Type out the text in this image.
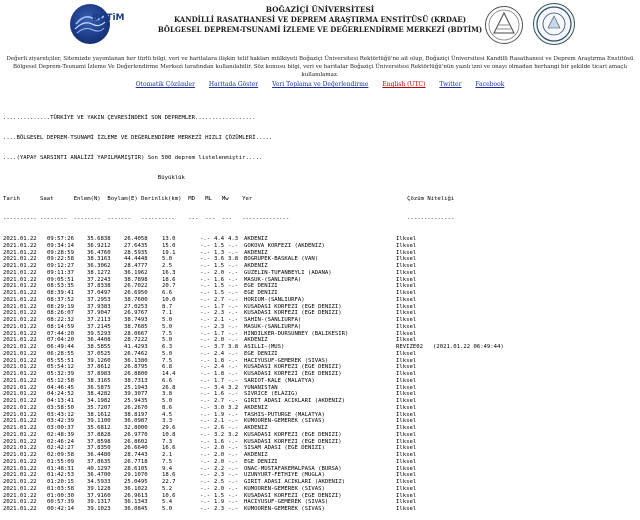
BDTiM
BOĞAZİÇİ ÜNİVERSİTESİ
KANDİLLİ RASATHANESİ VE DEPREM ARAŞTIRMA ENSTİTÜSÜ (KRDAE)
BÖLGESEL DEPREM-TSUNAMİ İZLEME VE DEĞERLENDİRME MERKEZİ (BDTİM)
Değerli ziyaretçiler, Sitemizde yayımlanan her türlü bilgi, veri ve haritalara ilişkin telif hakları mülkiyeti Boğaziçi Üniversitesi Rektörlüğü'ne ait olup, Boğaziçi Üniversitesi Kandilli Rasathanesi ve Deprem Araştırma Enstitüsü Bölgesel Deprem-Tsunami İzleme Ve Değerlendirme Merkezi tarafından kullanılabilir. Söz konusu bilgi, veri ve haritalar Boğaziçi Üniversitesi Rektörlüğü'nün yazılı izni ve onayı olmadan herhangi bir şekilde ticari amaçlı kullanılamaz.
Otomatik Çözümler Haritada Göster Veri Toplama ve Değerlendirme English (UTC) Twitter Facebook

..............TÜRKİYE VE YAKIN ÇEVRESİNDEKİ SON DEPREMLER..................

....BÖLGESEL DEPREM-TSUNAMİ İZLEME VE DEĞERLENDİRME MERKEZİ HIZLI ÇÖZÜMLERİ.....

....(YAPAY SARSINTI ANALİZİ YAPILMAMIŞTIR) Son 500 deprem listelenmiştir.....

Büyüklük

Tarih      Saat      Enlem(N)  Boylam(E) Derinlik(km)  MD   ML   Mw    Yer                                              Çözüm Niteliği

---------- --------  --------  -------   ----------    ---  ---  ---   --------------                                   --------------

2021.01.22	09:57:26	35.6838	26.4058	13.0	-.- 4.4 4.3	AKDENIZ	İlksel
2021.01.22	09:34:14	36.9212	27.6435	15.0	-.- 1.5 -.-	GOKOVA KORFEZI (AKDENIZ)	İlksel
2021.01.22	09:28:59	36.4760	28.5935	19.1	-.- 1.3 -.-	AKDENIZ	İlksel
2021.01.22	09:22:58	38.3163	44.4448	5.0	-.- 3.6 3.8	BOGRUPEK-BASKALE (VAN)	İlksel
2021.01.22	09:12:27	36.3062	28.4777	2.5	-.- 1.5 -.-	AKDENIZ	İlksel
2021.01.22	09:11:37	38.1272	36.1962	16.3	-.- 2.0 -.-	GUZELIN-TUFANBEYLI (ADANA)	İlksel
2021.01.22	09:05:51	37.2243	38.7898	18.6	-.- 1.6 -.-	MASUK-(SANLIURFA)	İlksel
2021.01.22	08:53:35	37.8338	26.7022	20.7	-.- 1.5 -.-	EGE DENIZI	İlksel
2021.01.22	08:39:41	37.0497	26.6950	6.6	-.- 1.5 -.-	EGE DENIZI	İlksel
2021.01.22	08:37:52	37.2953	38.7600	10.0	-.- 2.7 -.-	HORIUM-(SANLIURFA)	İlksel
2021.01.22	08:29:19	37.9383	27.0253	8.7	-.- 1.7 -.-	KUSADASI KORFEZI (EGE DENIZI)	İlksel
2021.01.22	08:26:07	37.9047	26.9767	7.1	-.- 2.3 -.-	KUSADASI KORFEZI (EGE DENIZI)	İlksel
2021.01.22	08:22:32	37.2113	38.7493	5.0	-.- 2.1 -.-	SAHIN-(SANLIURFA)	İlksel
2021.01.22	08:14:59	37.2145	38.7685	5.0	-.- 2.3 -.-	MASUK-(SANLIURFA)	İlksel
2021.01.22	07:44:20	39.5293	28.0667	7.5	-.- 1.7 -.-	HINDILKER-DURSUNBEY (BALIKESIR)	İlksel
2021.01.22	07:04:20	36.4408	28.7222	5.0	-.- 2.0 -.-	AKDENIZ	İlksel
2021.01.22	06:49:44	38.5855	41.4293	6.3	-.- 3.7 3.8	ASILLI-(MUS)	REVIZE02   (2021.01.22 06:49:44)
2021.01.22	06:28:55	37.0525	26.7462	5.0	-.- 2.4 -.-	EGE DENIZI	İlksel
2021.01.22	05:55:51	39.1260	36.1380	7.5	-.- 1.8 -.-	HACIYUSUF-GEMEREK (SIVAS)	İlksel
2021.01.22	05:54:12	37.8612	26.8795	6.8	-.- 2.4 -.-	KUSADASI KORFEZI (EGE DENIZI)	İlksel
2021.01.22	05:32:39	37.8983	26.8800	14.4	-.- 1.8 -.-	KUSADASI KORFEZI (EGE DENIZI)	İlksel
2021.01.22	05:12:58	38.3165	38.7313	6.6	-.- 1.7 -.-	SARIOT-KALE (MALATYA)	İlksel
2021.01.22	04:46:45	36.5875	25.1943	26.8	-.- 3.4 3.2	YUNANISTAN	İlksel
2021.01.22	04:24:52	38.4282	39.3077	3.8	-.- 1.6 -.-	SIVRICE (ELAZIG)	İlksel
2021.01.22	04:13:41	34.1982	25.9435	5.0	-.- 2.7 -.-	GIRIT ADASI ACIKLARI (AKDENIZ)	İlksel
2021.01.22	03:58:50	35.7207	26.2670	8.6	-.- 3.0 3.2	AKDENIZ	İlksel
2021.01.22	03:43:12	38.1612	38.8197	4.5	-.- 1.9 -.-	TASHIS-PUTURGE (MALATYA)	İlksel
2021.01.22	03:42:39	39.1100	36.0987	3.3	-.- 2.1 -.-	KUMOOREN-GEMEREK (SIVAS)	İlksel
2021.01.22	03:00:37	35.6812	32.8000	29.6	-.- 2.6 -.-	AKDENIZ	İlksel
2021.01.22	02:48:39	37.8828	26.9770	10.8	-.- 3.2 3.2	KUSADASI KORFEZI (EGE DENIZI)	İlksel
2021.01.22	02:46:24	37.8598	26.8602	7.3	-.- 1.6 -.-	KUSADASI KORFEZI (EGE DENIZI)	İlksel
2021.01.22	02:42:27	37.8350	26.6640	16.6	-.- 2.0 -.-	SISAM ADASI (EGE DENIZI)	İlksel
2021.01.22	02:09:58	36.4480	28.7443	2.1	-.- 2.0 -.-	AKDENIZ	İlksel
2021.01.22	01:55:09	37.8635	26.7718	7.5	-.- 2.0 -.-	EGE DENIZI	İlksel
2021.01.22	01:48:31	40.1297	28.6105	9.4	-.- 2.2 -.-	ONAC-MUSTAFAKEMALPASA (BURSA)	İlksel
2021.01.22	01:42:53	36.4700	29.1070	18.6	-.- 2.3 -.-	UZUNYURT-FETHIYE (MUGLA)	İlksel
2021.01.22	01:20:15	34.5933	25.0495	22.7	-.- 2.5 -.-	GIRIT ADASI ACIKLARI (AKDENIZ)	İlksel
2021.01.22	01:03:58	39.1228	36.1022	5.2	-.- 2.0 -.-	KUMOOREN-GEMEREK (SIVAS)	İlksel
2021.01.22	01:00:30	37.9160	26.9613	10.6	-.- 1.5 -.-	KUSADASI KORFEZI (EGE DENIZI)	İlksel
2021.01.22	00:57:39	39.1317	36.1343	5.4	-.- 1.9 -.-	HACIYUSUF-GEMEREK (SIVAS)	İlksel
2021.01.22	00:42:14	39.1023	36.0845	5.0	-.- 2.3 -.-	KUMOOREN-GEMEREK (SIVAS)	İlksel
